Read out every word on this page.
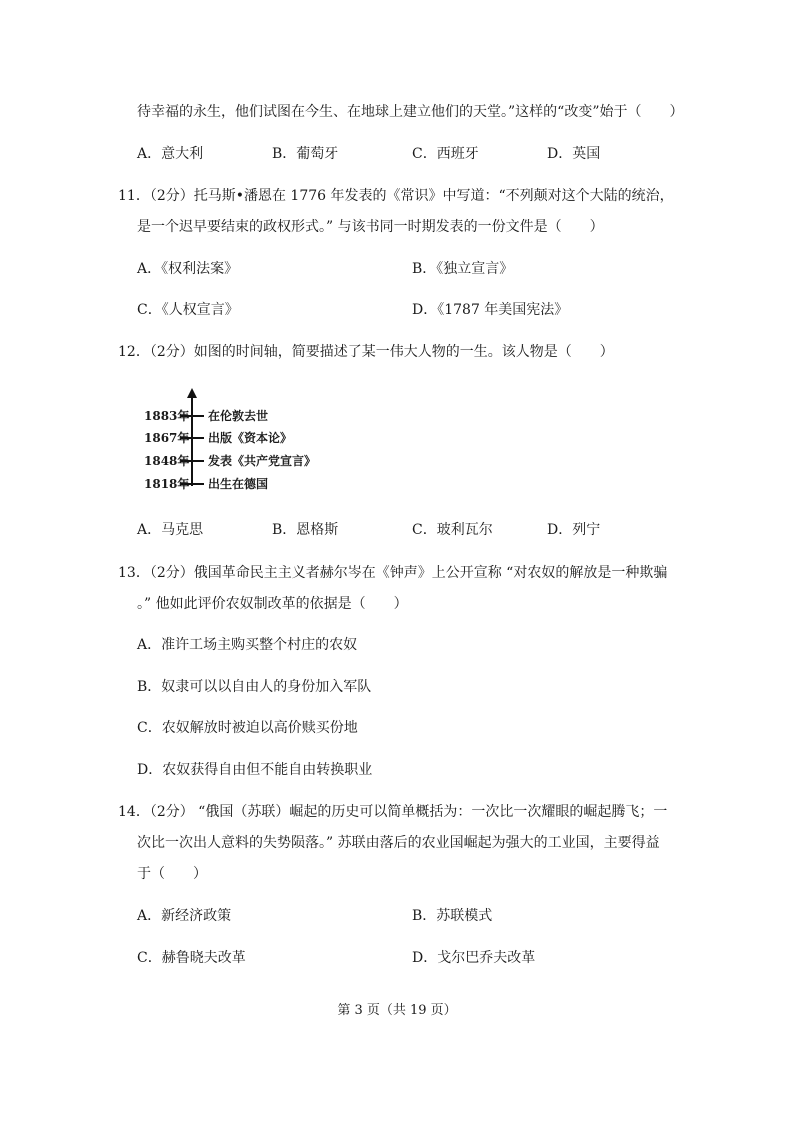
待幸福的永生，他们试图在今生、在地球上建立他们的天堂。”这样的“改变”始于（　　）
A．意大利	B．葡萄牙	C．西班牙	D．英国
11．（2分）托马斯•潘恩在 1776 年发表的《常识》中写道：“不列颠对这个大陆的统治，
是一个迟早要结束的政权形式。” 与该书同一时期发表的一份文件是（　　）
A．《权利法案》	B．《独立宣言》
C．《人权宣言》	D．《1787 年美国宪法》
12．（2分）如图的时间轴，简要描述了某一伟大人物的一生。该人物是（　　）
1883年 在伦敦去世
1867年 出版《资本论》
1848年 发表《共产党宣言》
1818年 出生在德国
A．马克思	B．恩格斯	C．玻利瓦尔	D．列宁
13．（2分）俄国革命民主主义者赫尔岑在《钟声》上公开宣称 “对农奴的解放是一种欺骗
。” 他如此评价农奴制改革的依据是（　　）
A．准许工场主购买整个村庄的农奴
B．奴隶可以以自由人的身份加入军队
C．农奴解放时被迫以高价赎买份地
D．农奴获得自由但不能自由转换职业
14．（2分） “俄国（苏联）崛起的历史可以简单概括为：一次比一次耀眼的崛起腾飞；一
次比一次出人意料的失势陨落。” 苏联由落后的农业国崛起为强大的工业国，主要得益
于（　　）
A．新经济政策	B．苏联模式
C．赫鲁晓夫改革	D．戈尔巴乔夫改革
第 3 页（共 19 页）
